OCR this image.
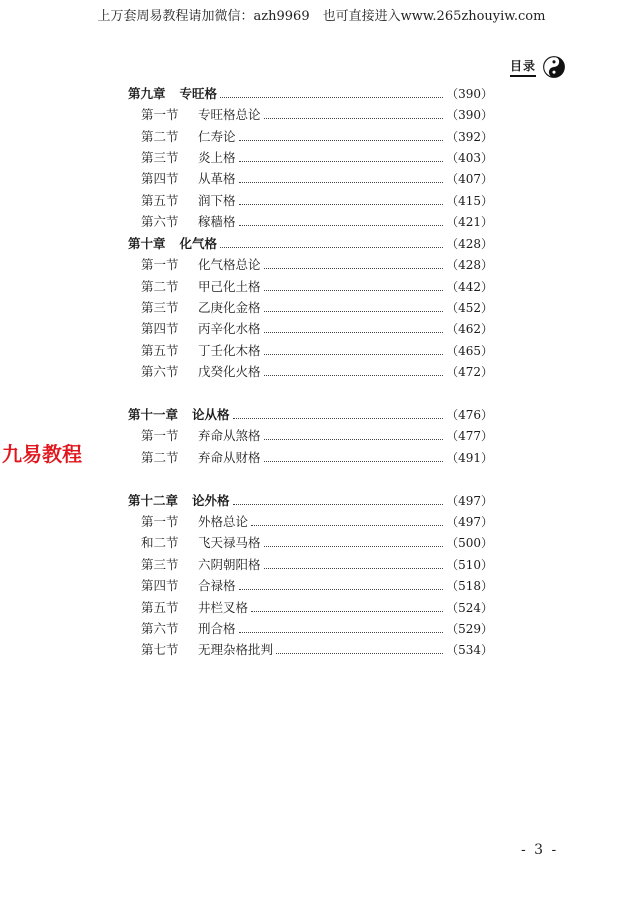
上万套周易教程请加微信：azh9969　也可直接进入www.265zhouyiw.com
目录
九易教程
第九章 专旺格	（390）
第一节	专旺格总论	（390）
第二节	仁寿论	（392）
第三节	炎上格	（403）
第四节	从革格	（407）
第五节	润下格	（415）
第六节	稼穑格	（421）
第十章 化气格	（428）
第一节	化气格总论	（428）
第二节	甲己化土格	（442）
第三节	乙庚化金格	（452）
第四节	丙辛化水格	（462）
第五节	丁壬化木格	（465）
第六节	戊癸化火格	（472）
第十一章 论从格	（476）
第一节	弃命从煞格	（477）
第二节	弃命从财格	（491）
第十二章 论外格	（497）
第一节	外格总论	（497）
和二节	飞天禄马格	（500）
第三节	六阴朝阳格	（510）
第四节	合禄格	（518）
第五节	井栏叉格	（524）
第六节	刑合格	（529）
第七节	无理杂格批判	（534）
- 3 -
